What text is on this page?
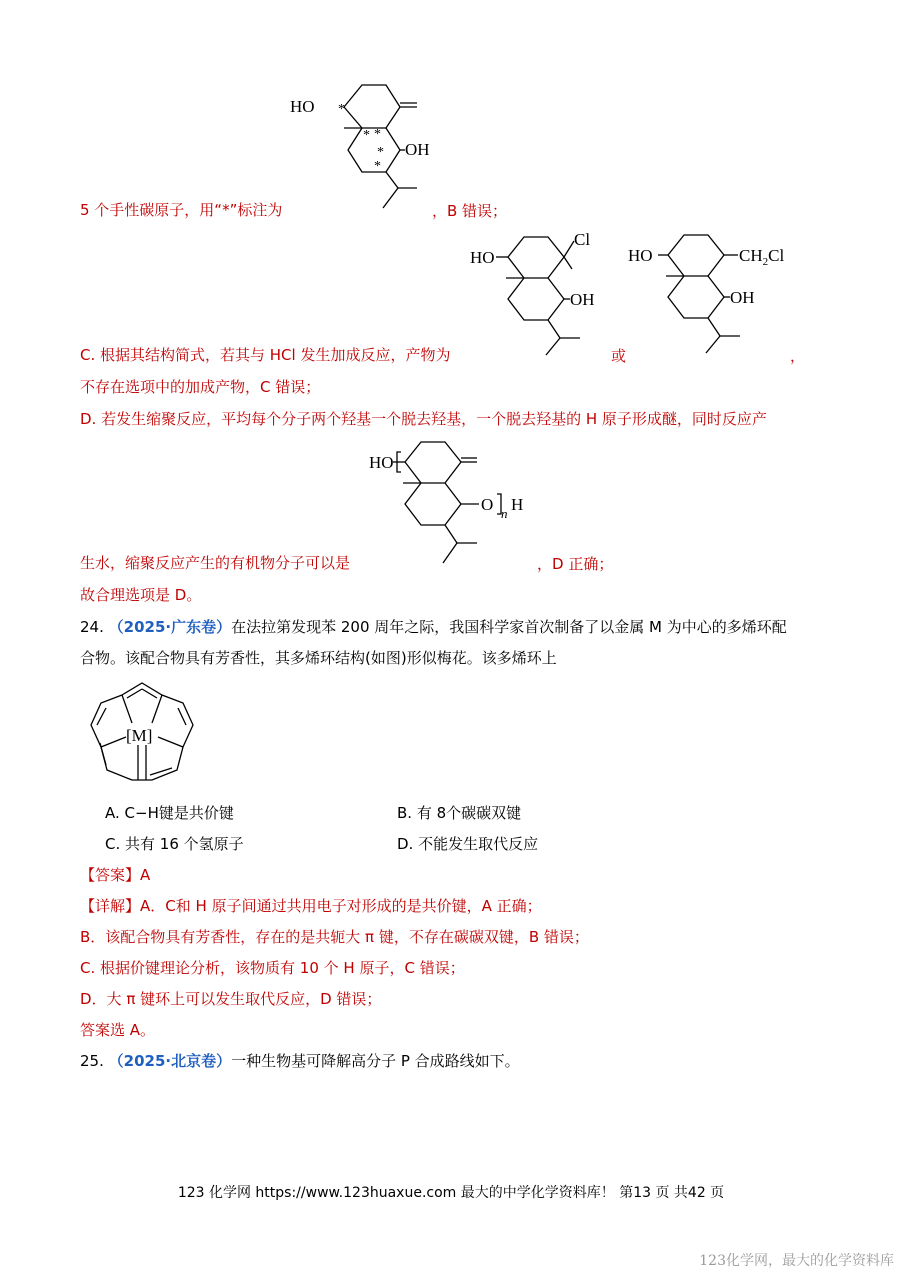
HO
OH
*
* *
*
*
5 个手性碳原子，用“*”标注为	，B 错误；
HO
Cl
OH
HO	$CH_2Cl$
OH
C. 根据其结构简式，若其与 HCl 发生加成反应，产物为	或	，
不存在选项中的加成产物，C 错误；
D. 若发生缩聚反应，平均每个分子两个羟基一个脱去羟基，一个脱去羟基的 H 原子形成醚，同时反应产
HO
O n H
生水，缩聚反应产生的有机物分子可以是	，D 正确；
故合理选项是 D。
24. （2025·广东卷）在法拉第发现苯 200 周年之际，我国科学家首次制备了以金属 M 为中心的多烯环配
合物。该配合物具有芳香性，其多烯环结构(如图)形似梅花。该多烯环上
[M]
A. C−H键是共价键	B. 有 8个碳碳双键
C. 共有 16 个氢原子	D. 不能发生取代反应
【答案】A
【详解】A．C和 H 原子间通过共用电子对形成的是共价键，A 正确；
B．该配合物具有芳香性，存在的是共轭大 π 键，不存在碳碳双键，B 错误；
C. 根据价键理论分析，该物质有 10 个 H 原子，C 错误；
D．大 π 键环上可以发生取代反应，D 错误；
答案选 A。
25. （2025·北京卷）一种生物基可降解高分子 P 合成路线如下。
123 化学网 https://www.123huaxue.com 最大的中学化学资料库！ 第13 页 共42 页
123化学网，最大的化学资料库
